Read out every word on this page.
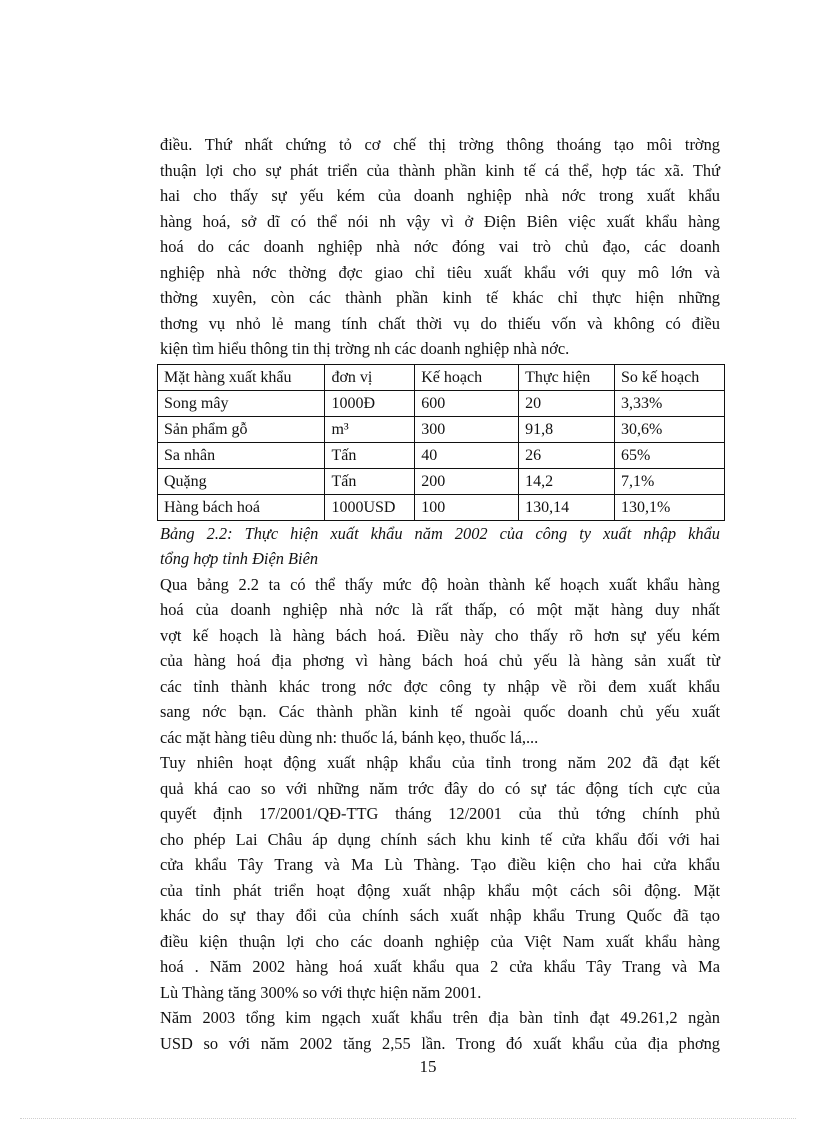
điều. Thứ nhất chứng tỏ cơ chế thị trờng thông thoáng tạo môi trờng
thuận lợi cho sự phát triển của thành phần kinh tế cá thể, hợp tác xã. Thứ
hai cho thấy sự yếu kém của doanh nghiệp nhà nớc trong xuất khẩu
hàng hoá, sở dĩ có thể nói nh vậy vì ở Điện Biên việc xuất khẩu hàng
hoá do các doanh nghiệp nhà nớc đóng vai trò chủ đạo, các doanh
nghiệp nhà nớc thờng đợc giao chỉ tiêu xuất khẩu với quy mô lớn và
thờng xuyên, còn các thành phần kinh tế khác chỉ thực hiện những
thơng vụ nhỏ lẻ mang tính chất thời vụ do thiếu vốn và không có điều
kiện tìm hiểu thông tin thị trờng nh các doanh nghiệp nhà nớc.
Mặt hàng xuất khẩu	đơn vị	Kế hoạch	Thực hiện	So kế hoạch
Song mây	1000Đ	600	20	3,33%
Sản phẩm gỗ	m³	300	91,8	30,6%
Sa nhân	Tấn	40	26	65%
Quặng	Tấn	200	14,2	7,1%
Hàng bách hoá	1000USD	100	130,14	130,1%
Bảng 2.2: Thực hiện xuất khẩu năm 2002 của công ty xuất nhập khẩu
tổng hợp tỉnh Điện Biên
Qua bảng 2.2 ta có thể thấy mức độ hoàn thành kế hoạch xuất khẩu hàng
hoá của doanh nghiệp nhà nớc là rất thấp, có một mặt hàng duy nhất
vợt kế hoạch là hàng bách hoá. Điều này cho thấy rõ hơn sự yếu kém
của hàng hoá địa phơng vì hàng bách hoá chủ yếu là hàng sản xuất từ
các tỉnh thành khác trong nớc đợc công ty nhập về rồi đem xuất khẩu
sang nớc bạn. Các thành phần kinh tế ngoài quốc doanh chủ yếu xuất
các mặt hàng tiêu dùng nh: thuốc lá, bánh kẹo, thuốc lá,...
Tuy nhiên hoạt động xuất nhập khẩu của tỉnh trong năm 202 đã đạt kết
quả khá cao so với những năm trớc đây do có sự tác động tích cực của
quyết định 17/2001/QĐ-TTG tháng 12/2001 của thủ tớng chính phủ
cho phép Lai Châu áp dụng chính sách khu kinh tế cửa khẩu đối với hai
cửa khẩu Tây Trang và Ma Lù Thàng. Tạo điều kiện cho hai cửa khẩu
của tỉnh phát triển hoạt động xuất nhập khẩu một cách sôi động. Mặt
khác do sự thay đổi của chính sách xuất nhập khẩu Trung Quốc đã tạo
điều kiện thuận lợi cho các doanh nghiệp của Việt Nam xuất khẩu hàng
hoá . Năm 2002 hàng hoá xuất khẩu qua 2 cửa khẩu Tây Trang và Ma
Lù Thàng tăng 300% so với thực hiện năm 2001.
Năm 2003 tổng kim ngạch xuất khẩu trên địa bàn tỉnh đạt 49.261,2 ngàn
USD so với năm 2002 tăng 2,55 lần. Trong đó xuất khẩu của địa phơng
15
